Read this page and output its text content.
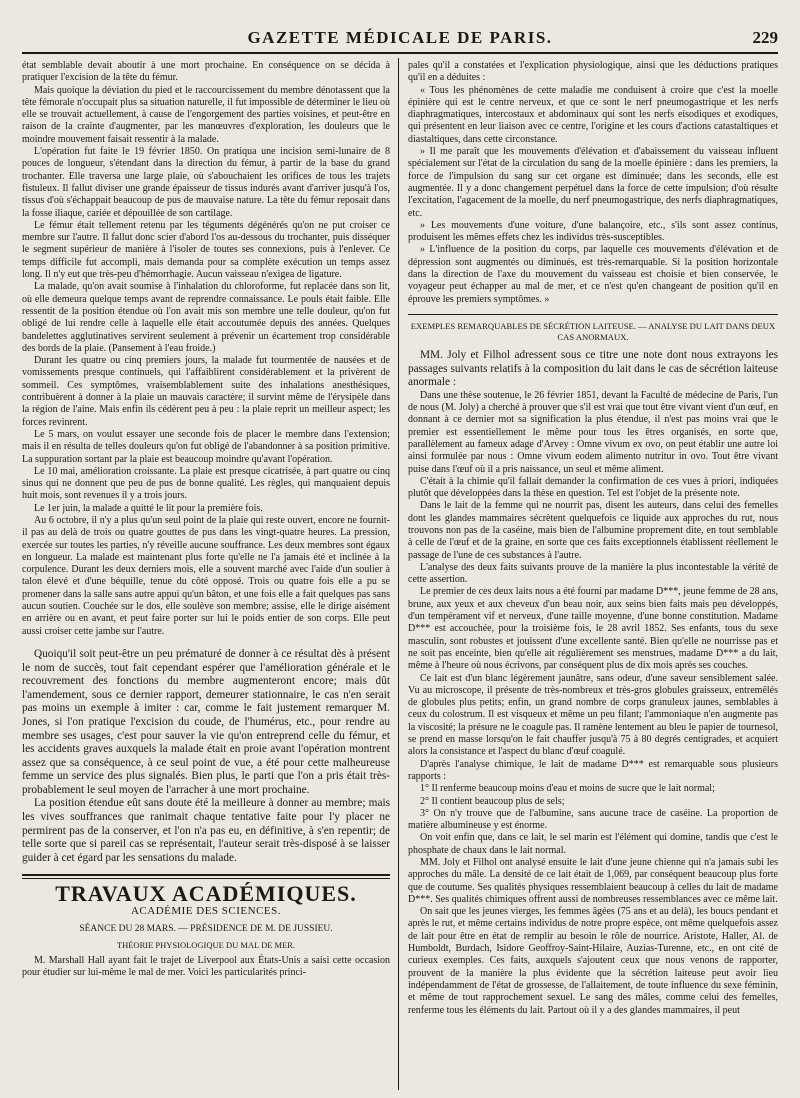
GAZETTE MÉDICALE DE PARIS.	229

état semblable devait aboutir à une mort prochaine. En conséquence on se décida à pratiquer l'excision de la tête du fémur.

Mais quoique la déviation du pied et le raccourcissement du membre dénotassent que la tête fémorale n'occupait plus sa situation naturelle, il fut impossible de déterminer le lieu où elle se trouvait actuellement, à cause de l'engorgement des parties voisines, et peut-être en raison de la crainte d'augmenter, par les manœuvres d'exploration, les douleurs que le moindre mouvement faisait ressentir à la malade.

L'opération fut faite le 19 février 1850. On pratiqua une incision semi-lunaire de 8 pouces de longueur, s'étendant dans la direction du fémur, à partir de la base du grand trochanter. Elle traversa une large plaie, où s'abouchaient les orifices de tous les trajets fistuleux. Il fallut diviser une grande épaisseur de tissus indurés avant d'arriver jusqu'à l'os, tissus d'où s'échappait beaucoup de pus de mauvaise nature. La tête du fémur reposait dans la fosse iliaque, cariée et dépouillée de son cartilage.

Le fémur était tellement retenu par les téguments dégénérés qu'on ne put croiser ce membre sur l'autre. Il fallut donc scier d'abord l'os au-dessous du trochanter, puis disséquer le segment supérieur de manière à l'isoler de toutes ses connexions, puis à l'enlever. Ce temps difficile fut accompli, mais demanda pour sa complète exécution un temps assez long. Il n'y eut que très-peu d'hémorrhagie. Aucun vaisseau n'exigea de ligature.

La malade, qu'on avait soumise à l'inhalation du chloroforme, fut replacée dans son lit, où elle demeura quelque temps avant de reprendre connaissance. Le pouls était faible. Elle ressentit de la position étendue où l'on avait mis son membre une telle douleur, qu'on fut obligé de lui rendre celle à laquelle elle était accoutumée depuis des années. Quelques bandelettes agglutinatives servirent seulement à prévenir un écartement trop considérable des bords de la plaie. (Pansement à l'eau froide.)

Durant les quatre ou cinq premiers jours, la malade fut tourmentée de nausées et de vomissements presque continuels, qui l'affaiblirent considérablement et la privèrent de sommeil. Ces symptômes, vraisemblablement suite des inhalations anesthésiques, contribuèrent à donner à la plaie un mauvais caractère; il survint même de l'érysipèle dans la région de l'aine. Mais enfin ils cédèrent peu à peu : la plaie reprit un meilleur aspect; les forces revinrent.

Le 5 mars, on voulut essayer une seconde fois de placer le membre dans l'extension; mais il en résulta de telles douleurs qu'on fut obligé de l'abandonner à sa position primitive. La suppuration sortant par la plaie est beaucoup moindre qu'avant l'opération.

Le 10 mai, amélioration croissante. La plaie est presque cicatrisée, à part quatre ou cinq sinus qui ne donnent que peu de pus de bonne qualité. Les règles, qui manquaient depuis huit mois, sont revenues il y a trois jours.

Le 1er juin, la malade a quitté le lit pour la première fois.

Au 6 octobre, il n'y a plus qu'un seul point de la plaie qui reste ouvert, encore ne fournit-il pas au delà de trois ou quatre gouttes de pus dans les vingt-quatre heures. La pression, exercée sur toutes les parties, n'y réveille aucune souffrance. Les deux membres sont égaux en longueur. La malade est maintenant plus forte qu'elle ne l'a jamais été et inclinée à la corpulence. Durant les deux derniers mois, elle a souvent marché avec l'aide d'un soulier à talon élevé et d'une béquille, tenue du côté opposé. Trois ou quatre fois elle a pu se promener dans la salle sans autre appui qu'un bâton, et une fois elle a fait quelques pas sans aucun soutien. Couchée sur le dos, elle soulève son membre; assise, elle le dirige aisément en arrière ou en avant, et peut faire porter sur lui le poids entier de son corps. Elle peut aussi croiser cette jambe sur l'autre.

Quoiqu'il soit peut-être un peu prématuré de donner à ce résultat dès à présent le nom de succès, tout fait cependant espérer que l'amélioration générale et le recouvrement des fonctions du membre augmenteront encore; mais dût l'amendement, sous ce dernier rapport, demeurer stationnaire, le cas n'en serait pas moins un exemple à imiter : car, comme le fait justement remarquer M. Jones, si l'on pratique l'excision du coude, de l'humérus, etc., pour rendre au membre ses usages, c'est pour sauver la vie qu'on entreprend celle du fémur, et les accidents graves auxquels la malade était en proie avant l'opération montrent assez que sa conséquence, à ce seul point de vue, a été pour cette malheureuse femme un service des plus signalés. Bien plus, le parti que l'on a pris était très-probablement le seul moyen de l'arracher à une mort prochaine.

La position étendue eût sans doute été la meilleure à donner au membre; mais les vives souffrances que ranimait chaque tentative faite pour l'y placer ne permirent pas de la conserver, et l'on n'a pas eu, en définitive, à s'en repentir; de telle sorte que si pareil cas se représentait, l'auteur serait très-disposé à se laisser guider à cet égard par les sensations du malade.

TRAVAUX ACADÉMIQUES.
ACADÉMIE DES SCIENCES.
SÉANCE DU 28 MARS. — PRÉSIDENCE DE M. DE JUSSIEU.
THÉORIE PHYSIOLOGIQUE DU MAL DE MER.

M. Marshall Hall ayant fait le trajet de Liverpool aux États-Unis a saisi cette occasion pour étudier sur lui-même le mal de mer. Voici les particularités princi-

pales qu'il a constatées et l'explication physiologique, ainsi que les déductions pratiques qu'il en a déduites :

« Tous les phénomènes de cette maladie me conduisent à croire que c'est la moelle épinière qui est le centre nerveux, et que ce sont le nerf pneumogastrique et les nerfs diaphragmatiques, intercostaux et abdominaux qui sont les nerfs eisodiques et exodiques, qui présentent en leur liaison avec ce centre, l'origine et les cours d'actions catastaltiques et diastaltiques, dans cette circonstance.

» Il me paraît que les mouvements d'élévation et d'abaissement du vaisseau influent spécialement sur l'état de la circulation du sang de la moelle épinière : dans les premiers, la force de l'impulsion du sang sur cet organe est diminuée; dans les seconds, elle est augmentée. Il y a donc changement perpétuel dans la force de cette impulsion; d'où résulte l'excitation, l'agacement de la moelle, du nerf pneumogastrique, des nerfs diaphragmatiques, etc.

» Les mouvements d'une voiture, d'une balançoire, etc., s'ils sont assez continus, produisent les mêmes effets chez les individus très-susceptibles.

» L'influence de la position du corps, par laquelle ces mouvements d'élévation et de dépression sont augmentés ou diminués, est très-remarquable. Si la position horizontale dans la direction de l'axe du mouvement du vaisseau est choisie et bien conservée, le voyageur peut échapper au mal de mer, et ce n'est qu'en changeant de position qu'il en éprouve les premiers symptômes. »

EXEMPLES REMARQUABLES DE SÉCRÉTION LAITEUSE. — ANALYSE DU LAIT DANS DEUX CAS ANORMAUX.

MM. Joly et Filhol adressent sous ce titre une note dont nous extrayons les passages suivants relatifs à la composition du lait dans le cas de sécrétion laiteuse anormale :

Dans une thèse soutenue, le 26 février 1851, devant la Faculté de médecine de Paris, l'un de nous (M. Joly) a cherché à prouver que s'il est vrai que tout être vivant vient d'un œuf, en donnant à ce dernier mot sa signification la plus étendue, il n'est pas moins vrai que le premier est essentiellement le même pour tous les êtres organisés, en sorte que, parallèlement au fameux adage d'Arvey : Omne vivum ex ovo, on peut établir une autre loi ainsi formulée par nous : Omne vivum eodem alimento nutritur in ovo. Tout être vivant puise dans l'œuf où il a pris naissance, un seul et même aliment.

C'était à la chimie qu'il fallait demander la confirmation de ces vues à priori, indiquées plutôt que développées dans la thèse en question. Tel est l'objet de la présente note.

Dans le lait de la femme qui ne nourrit pas, disent les auteurs, dans celui des femelles dont les glandes mammaires sécrètent quelquefois ce liquide aux approches du rut, nous trouvons non pas de la caséine, mais bien de l'albumine proprement dite, en tout semblable à celle de l'œuf et de la graine, en sorte que ces faits exceptionnels établissent réellement le passage de l'une de ces substances à l'autre.

L'analyse des deux faits suivants prouve de la manière la plus incontestable la vérité de cette assertion.

Le premier de ces deux laits nous a été fourni par madame D***, jeune femme de 28 ans, brune, aux yeux et aux cheveux d'un beau noir, aux seins bien faits mais peu développés, d'un tempérament vif et nerveux, d'une taille moyenne, d'une bonne constitution. Madame D*** est accouchée, pour la troisième fois, le 28 avril 1852. Ses enfants, tous du sexe masculin, sont robustes et jouissent d'une excellente santé. Bien qu'elle ne nourrisse pas et ne soit pas enceinte, bien qu'elle ait régulièrement ses menstrues, madame D*** a du lait, même à l'heure où nous écrivons, par conséquent plus de dix mois après ses couches.

Ce lait est d'un blanc légèrement jaunâtre, sans odeur, d'une saveur sensiblement salée. Vu au microscope, il présente de très-nombreux et très-gros globules graisseux, entremêlés de globules plus petits; enfin, un grand nombre de corps granuleux jaunes, semblables à ceux du colostrum. Il est visqueux et même un peu filant; l'ammoniaque n'en augmente pas la viscosité; la présure ne le coagule pas. Il ramène lentement au bleu le papier de tournesol, se prend en masse lorsqu'on le fait chauffer jusqu'à 75 à 80 degrés centigrades, et acquiert alors la consistance et l'aspect du blanc d'œuf coagulé.

D'après l'analyse chimique, le lait de madame D*** est remarquable sous plusieurs rapports :

1° Il renferme beaucoup moins d'eau et moins de sucre que le lait normal;

2° Il contient beaucoup plus de sels;

3° On n'y trouve que de l'albumine, sans aucune trace de caséine. La proportion de matière albumineuse y est énorme.

On voit enfin que, dans ce lait, le sel marin est l'élément qui domine, tandis que c'est le phosphate de chaux dans le lait normal.

MM. Joly et Filhol ont analysé ensuite le lait d'une jeune chienne qui n'a jamais subi les approches du mâle. La densité de ce lait était de 1,069, par conséquent beaucoup plus forte que de coutume. Ses qualités physiques ressemblaient beaucoup à celles du lait de madame D***. Ses qualités chimiques offrent aussi de nombreuses ressemblances avec ce même lait.

On sait que les jeunes vierges, les femmes âgées (75 ans et au delà), les boucs pendant et après le rut, et même certains individus de notre propre espèce, ont même quelquefois assez de lait pour être en état de remplir au besoin le rôle de nourrice. Aristote, Haller, Al. de Humboldt, Burdach, Isidore Geoffroy-Saint-Hilaire, Auzias-Turenne, etc., en ont cité de curieux exemples. Ces faits, auxquels s'ajoutent ceux que nous venons de rapporter, prouvent de la manière la plus évidente que la sécrétion laiteuse peut avoir lieu indépendamment de l'état de grossesse, de l'allaitement, de toute influence du sexe féminin, et même de tout rapprochement sexuel. Le sang des mâles, comme celui des femelles, renferme tous les éléments du lait. Partout où il y a des glandes mammaires, il peut
